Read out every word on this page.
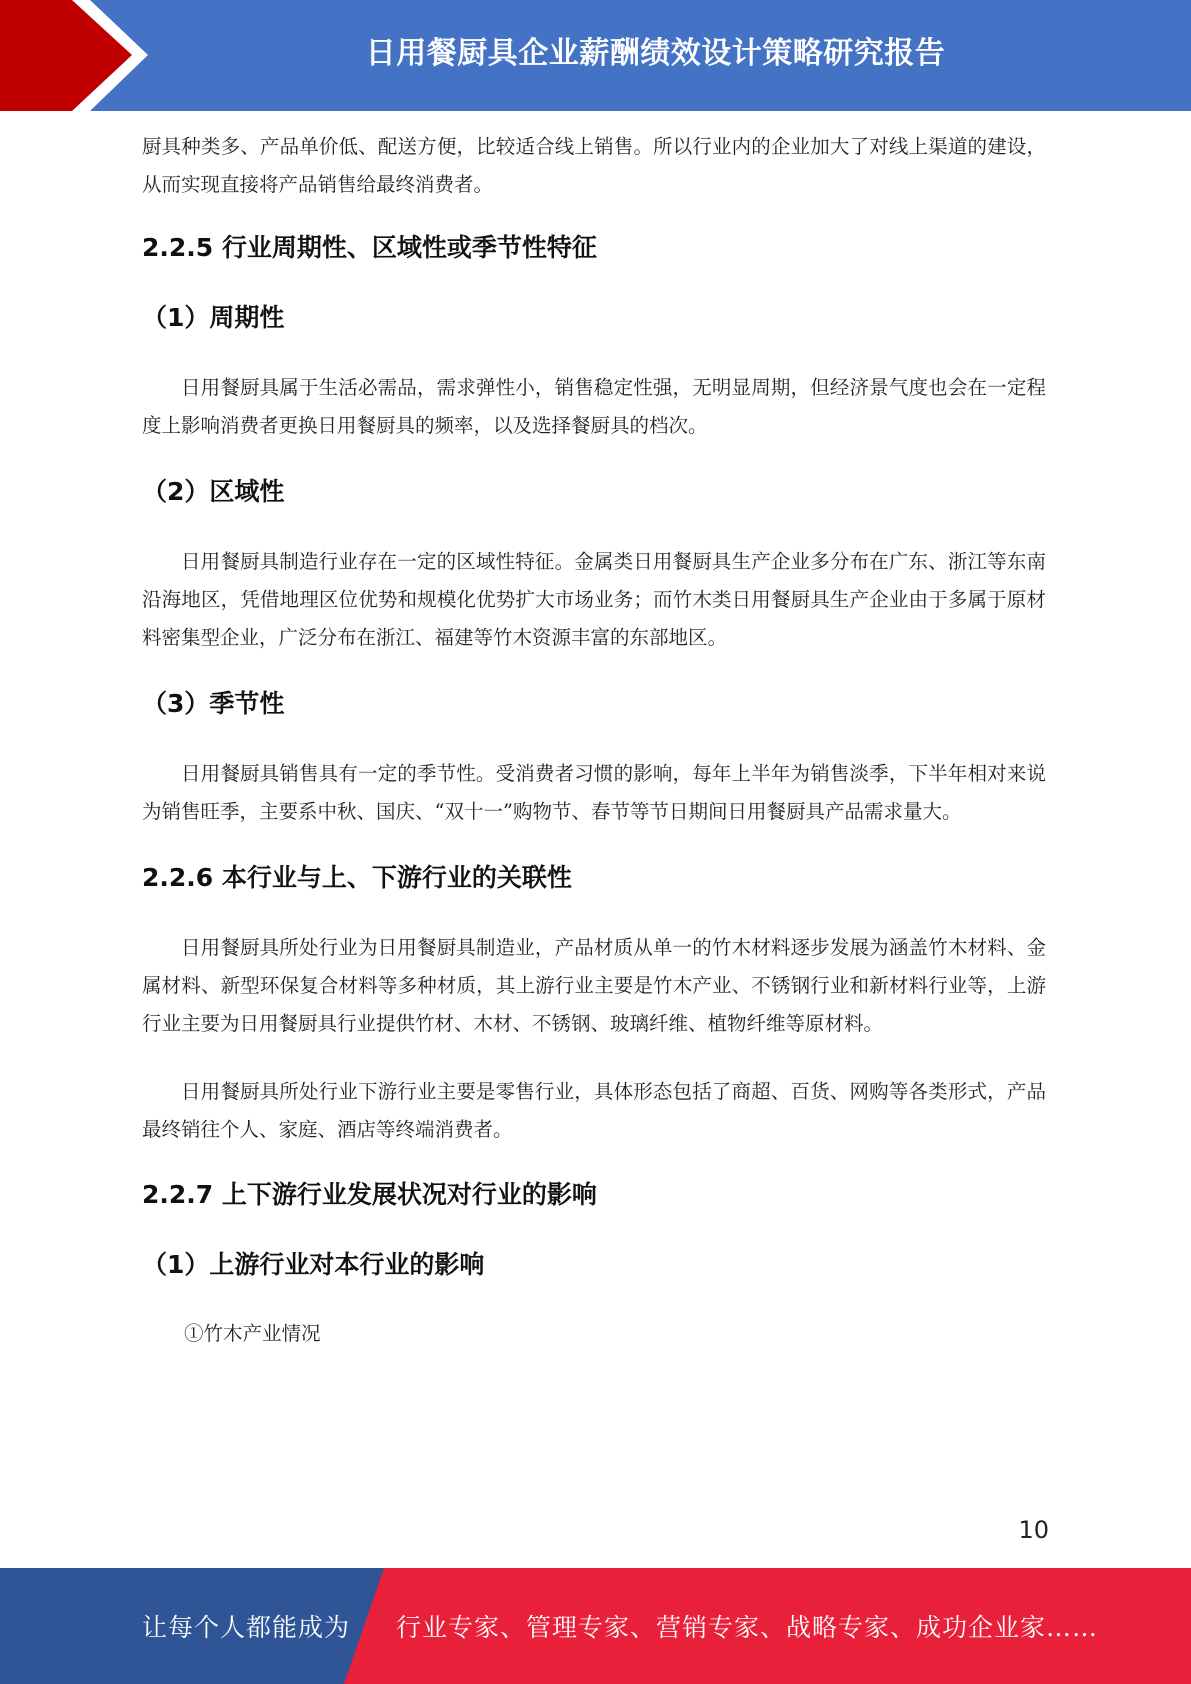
日用餐厨具企业薪酬绩效设计策略研究报告

厨具种类多、产品单价低、配送方便，比较适合线上销售。所以行业内的企业加大了对线上渠道的建设，从而实现直接将产品销售给最终消费者。

2.2.5 行业周期性、区域性或季节性特征
（1）周期性

日用餐厨具属于生活必需品，需求弹性小，销售稳定性强，无明显周期，但经济景气度也会在一定程度上影响消费者更换日用餐厨具的频率，以及选择餐厨具的档次。

（2）区域性

日用餐厨具制造行业存在一定的区域性特征。金属类日用餐厨具生产企业多分布在广东、浙江等东南沿海地区，凭借地理区位优势和规模化优势扩大市场业务；而竹木类日用餐厨具生产企业由于多属于原材料密集型企业，广泛分布在浙江、福建等竹木资源丰富的东部地区。

（3）季节性

日用餐厨具销售具有一定的季节性。受消费者习惯的影响，每年上半年为销售淡季，下半年相对来说为销售旺季，主要系中秋、国庆、“双十一”购物节、春节等节日期间日用餐厨具产品需求量大。

2.2.6 本行业与上、下游行业的关联性

日用餐厨具所处行业为日用餐厨具制造业，产品材质从单一的竹木材料逐步发展为涵盖竹木材料、金属材料、新型环保复合材料等多种材质，其上游行业主要是竹木产业、不锈钢行业和新材料行业等，上游行业主要为日用餐厨具行业提供竹材、木材、不锈钢、玻璃纤维、植物纤维等原材料。

日用餐厨具所处行业下游行业主要是零售行业，具体形态包括了商超、百货、网购等各类形式，产品最终销往个人、家庭、酒店等终端消费者。

2.2.7 上下游行业发展状况对行业的影响
（1）上游行业对本行业的影响

①竹木产业情况

10
让每个人都能成为 行业专家、管理专家、营销专家、战略专家、成功企业家……
